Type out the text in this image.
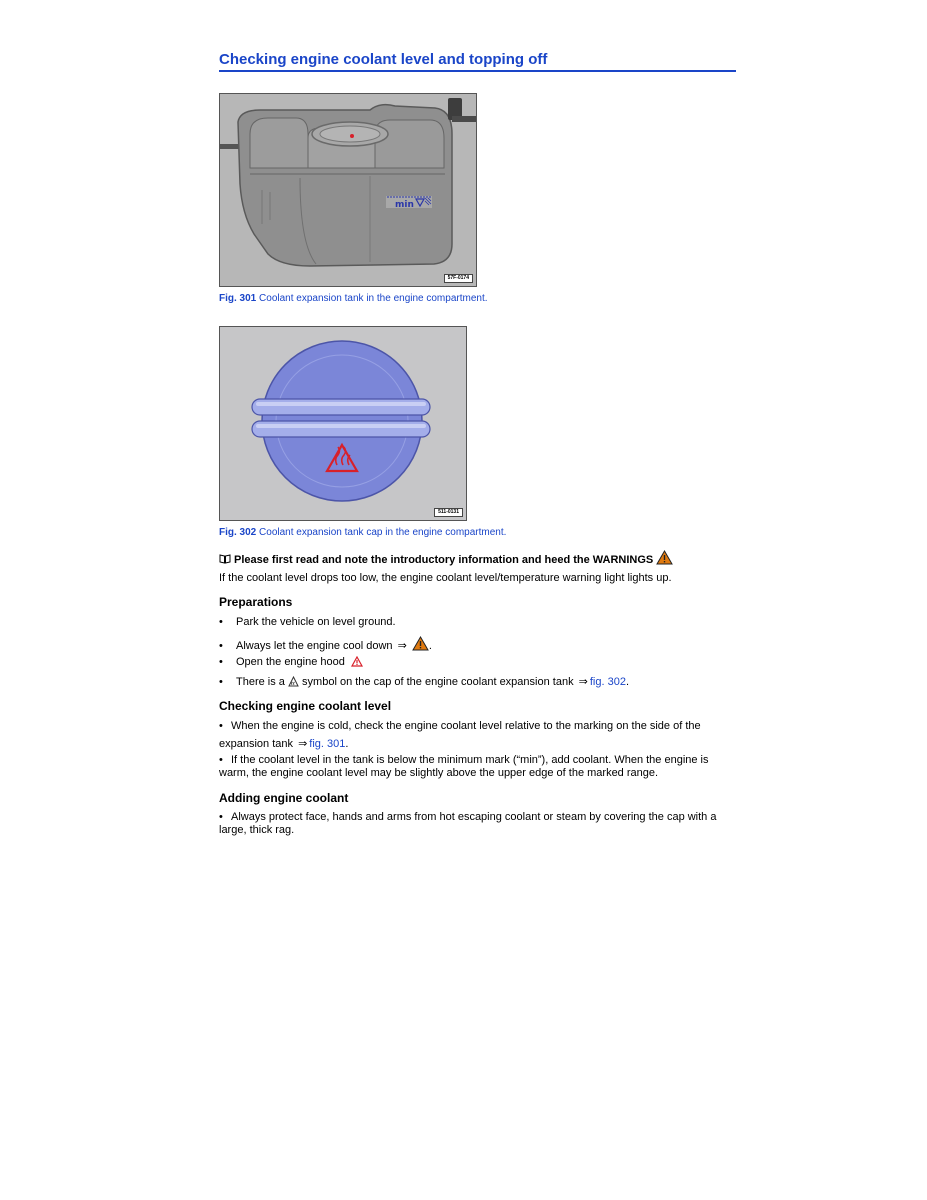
Checking engine coolant level and topping off
min
57F-0174
Fig. 301 Coolant expansion tank in the engine compartment.
511-0131
Fig. 302 Coolant expansion tank cap in the engine compartment.
Please first read and note the introductory information and heed the WARNINGS
If the coolant level drops too low, the engine coolant level/temperature warning light lights up.
Preparations
• Park the vehicle on level ground.
• Always let the engine cool down ⇒ .
• Open the engine hood
• There is a symbol on the cap of the engine coolant expansion tank ⇒ fig. 302.
Checking engine coolant level
• When the engine is cold, check the engine coolant level relative to the marking on the side of the
expansion tank ⇒ fig. 301.
• If the coolant level in the tank is below the minimum mark (“min”), add coolant. When the engine is warm, the engine coolant level may be slightly above the upper edge of the marked range.
Adding engine coolant
• Always protect face, hands and arms from hot escaping coolant or steam by covering the cap with a large, thick rag.
